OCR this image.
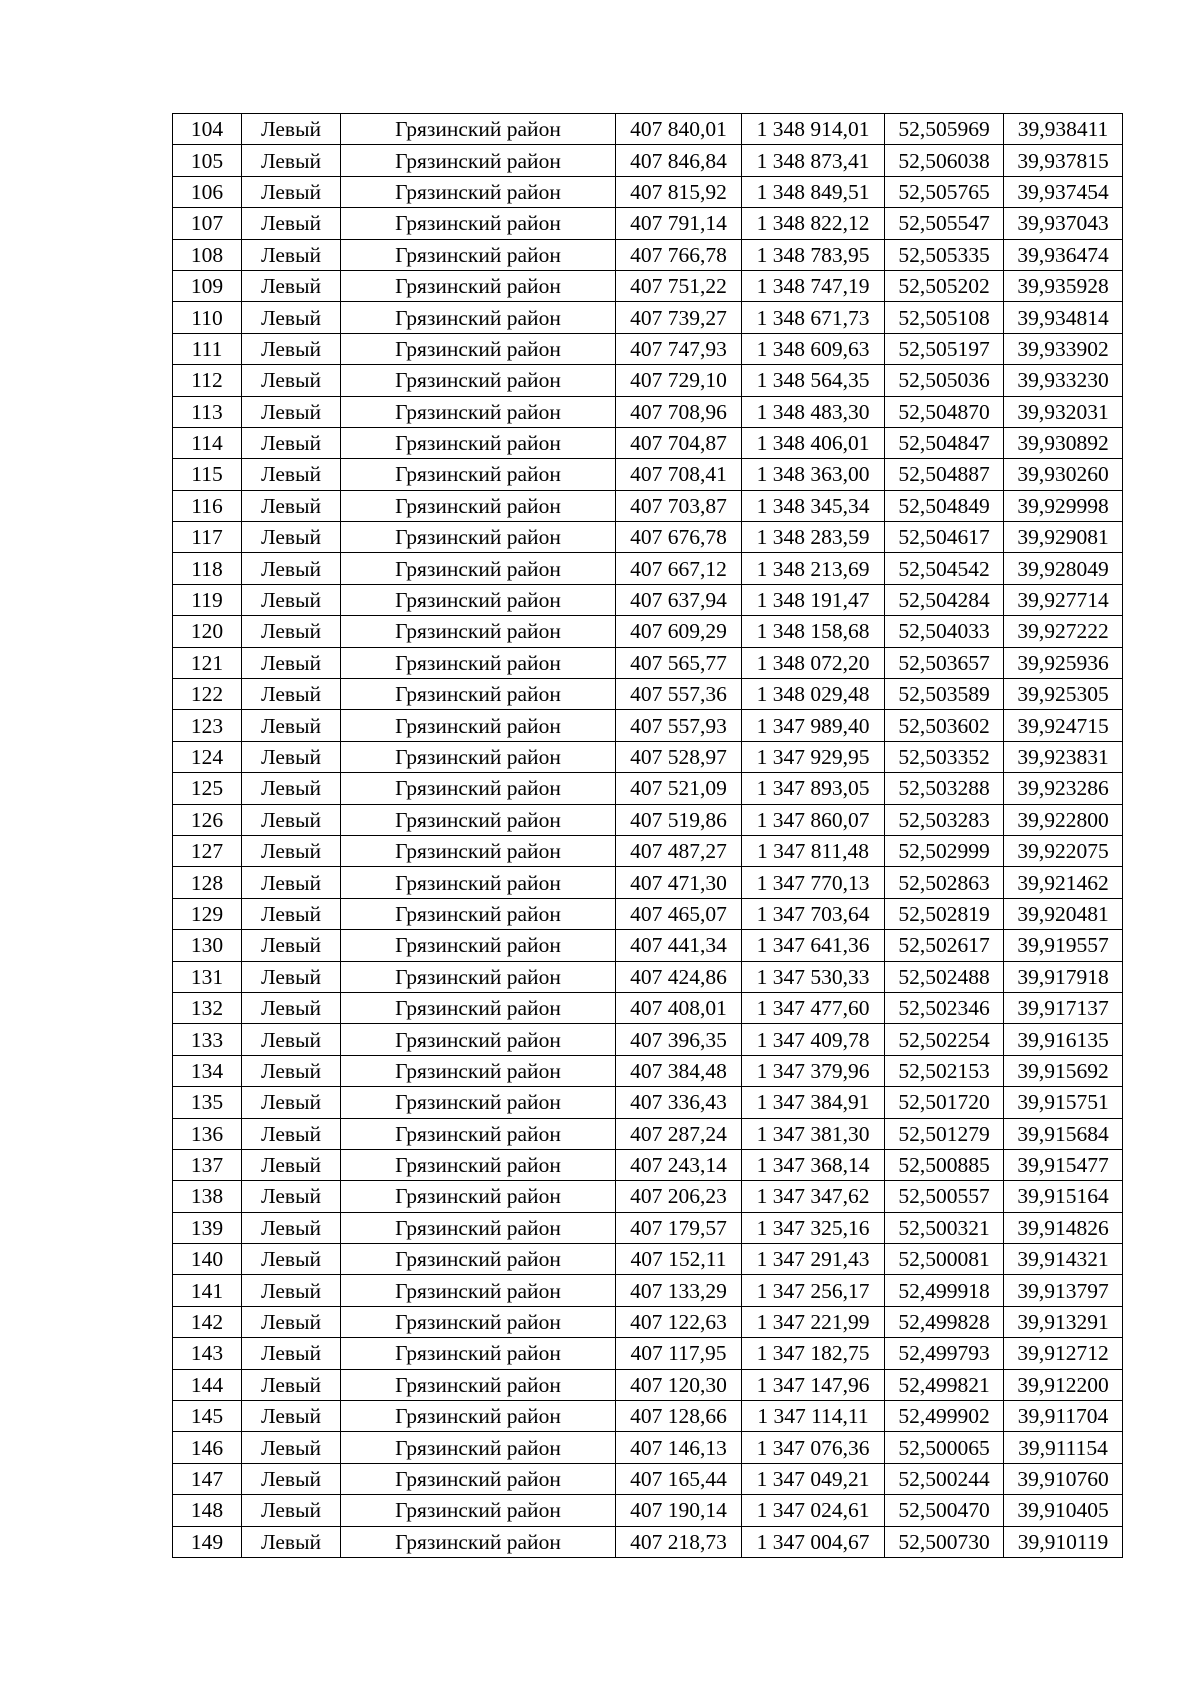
104	Левый	Грязинский район	407 840,01	1 348 914,01	52,505969	39,938411
105	Левый	Грязинский район	407 846,84	1 348 873,41	52,506038	39,937815
106	Левый	Грязинский район	407 815,92	1 348 849,51	52,505765	39,937454
107	Левый	Грязинский район	407 791,14	1 348 822,12	52,505547	39,937043
108	Левый	Грязинский район	407 766,78	1 348 783,95	52,505335	39,936474
109	Левый	Грязинский район	407 751,22	1 348 747,19	52,505202	39,935928
110	Левый	Грязинский район	407 739,27	1 348 671,73	52,505108	39,934814
111	Левый	Грязинский район	407 747,93	1 348 609,63	52,505197	39,933902
112	Левый	Грязинский район	407 729,10	1 348 564,35	52,505036	39,933230
113	Левый	Грязинский район	407 708,96	1 348 483,30	52,504870	39,932031
114	Левый	Грязинский район	407 704,87	1 348 406,01	52,504847	39,930892
115	Левый	Грязинский район	407 708,41	1 348 363,00	52,504887	39,930260
116	Левый	Грязинский район	407 703,87	1 348 345,34	52,504849	39,929998
117	Левый	Грязинский район	407 676,78	1 348 283,59	52,504617	39,929081
118	Левый	Грязинский район	407 667,12	1 348 213,69	52,504542	39,928049
119	Левый	Грязинский район	407 637,94	1 348 191,47	52,504284	39,927714
120	Левый	Грязинский район	407 609,29	1 348 158,68	52,504033	39,927222
121	Левый	Грязинский район	407 565,77	1 348 072,20	52,503657	39,925936
122	Левый	Грязинский район	407 557,36	1 348 029,48	52,503589	39,925305
123	Левый	Грязинский район	407 557,93	1 347 989,40	52,503602	39,924715
124	Левый	Грязинский район	407 528,97	1 347 929,95	52,503352	39,923831
125	Левый	Грязинский район	407 521,09	1 347 893,05	52,503288	39,923286
126	Левый	Грязинский район	407 519,86	1 347 860,07	52,503283	39,922800
127	Левый	Грязинский район	407 487,27	1 347 811,48	52,502999	39,922075
128	Левый	Грязинский район	407 471,30	1 347 770,13	52,502863	39,921462
129	Левый	Грязинский район	407 465,07	1 347 703,64	52,502819	39,920481
130	Левый	Грязинский район	407 441,34	1 347 641,36	52,502617	39,919557
131	Левый	Грязинский район	407 424,86	1 347 530,33	52,502488	39,917918
132	Левый	Грязинский район	407 408,01	1 347 477,60	52,502346	39,917137
133	Левый	Грязинский район	407 396,35	1 347 409,78	52,502254	39,916135
134	Левый	Грязинский район	407 384,48	1 347 379,96	52,502153	39,915692
135	Левый	Грязинский район	407 336,43	1 347 384,91	52,501720	39,915751
136	Левый	Грязинский район	407 287,24	1 347 381,30	52,501279	39,915684
137	Левый	Грязинский район	407 243,14	1 347 368,14	52,500885	39,915477
138	Левый	Грязинский район	407 206,23	1 347 347,62	52,500557	39,915164
139	Левый	Грязинский район	407 179,57	1 347 325,16	52,500321	39,914826
140	Левый	Грязинский район	407 152,11	1 347 291,43	52,500081	39,914321
141	Левый	Грязинский район	407 133,29	1 347 256,17	52,499918	39,913797
142	Левый	Грязинский район	407 122,63	1 347 221,99	52,499828	39,913291
143	Левый	Грязинский район	407 117,95	1 347 182,75	52,499793	39,912712
144	Левый	Грязинский район	407 120,30	1 347 147,96	52,499821	39,912200
145	Левый	Грязинский район	407 128,66	1 347 114,11	52,499902	39,911704
146	Левый	Грязинский район	407 146,13	1 347 076,36	52,500065	39,911154
147	Левый	Грязинский район	407 165,44	1 347 049,21	52,500244	39,910760
148	Левый	Грязинский район	407 190,14	1 347 024,61	52,500470	39,910405
149	Левый	Грязинский район	407 218,73	1 347 004,67	52,500730	39,910119
